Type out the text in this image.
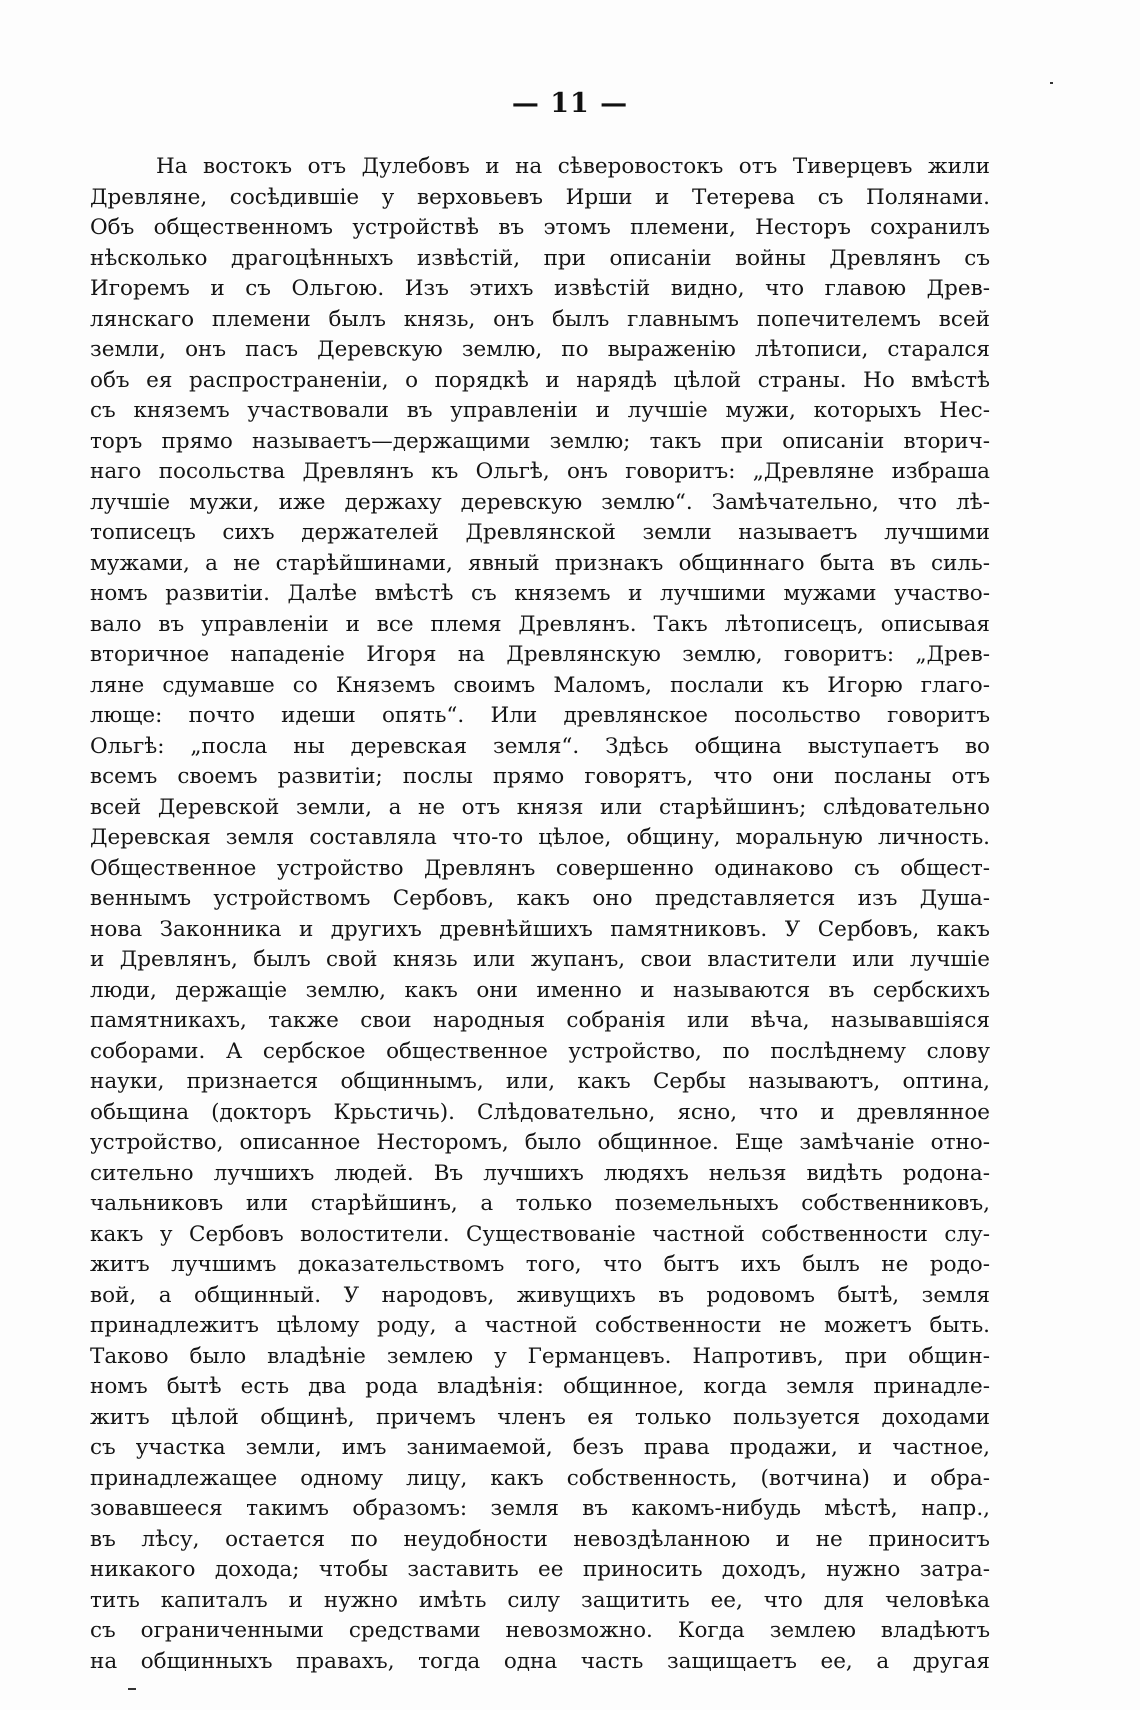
— 11 —
На востокъ отъ Дулебовъ и на сѣверовостокъ отъ Тиверцевъ жили
Древляне, сосѣдившіе у верховьевъ Ирши и Тетерева съ Полянами.
Объ общественномъ устройствѣ въ этомъ племени, Несторъ сохранилъ
нѣсколько драгоцѣнныхъ извѣстій, при описаніи войны Древлянъ съ
Игоремъ и съ Ольгою. Изъ этихъ извѣстій видно, что главою Древ-
лянскаго племени былъ князь, онъ былъ главнымъ попечителемъ всей
земли, онъ пасъ Деревскую землю, по выраженію лѣтописи, старался
объ ея распространеніи, о порядкѣ и нарядѣ цѣлой страны. Но вмѣстѣ
съ княземъ участвовали въ управленіи и лучшіе мужи, которыхъ Нес-
торъ прямо называетъ—держащими землю; такъ при описаніи вторич-
наго посольства Древлянъ къ Ольгѣ, онъ говоритъ: „Древляне избраша
лучшіе мужи, иже держаху деревскую землю“. Замѣчательно, что лѣ-
тописецъ сихъ держателей Древлянской земли называетъ лучшими
мужами, а не старѣйшинами, явный признакъ общиннаго быта въ силь-
номъ развитіи. Далѣе вмѣстѣ съ княземъ и лучшими мужами участво-
вало въ управленіи и все племя Древлянъ. Такъ лѣтописецъ, описывая
вторичное нападеніе Игоря на Древлянскую землю, говоритъ: „Древ-
ляне сдумавше со Княземъ своимъ Маломъ, послали къ Игорю глаго-
люще: почто идеши опять“. Или древлянское посольство говоритъ
Ольгѣ: „посла ны деревская земля“. Здѣсь община выступаетъ во
всемъ своемъ развитіи; послы прямо говорятъ, что они посланы отъ
всей Деревской земли, а не отъ князя или старѣйшинъ; слѣдовательно
Деревская земля составляла что-то цѣлое, общину, моральную личность.
Общественное устройство Древлянъ совершенно одинаково съ общест-
веннымъ устройствомъ Сербовъ, какъ оно представляется изъ Душа-
нова Законника и другихъ древнѣйшихъ памятниковъ. У Сербовъ, какъ
и Древлянъ, былъ свой князь или жупанъ, свои властители или лучшіе
люди, держащіе землю, какъ они именно и называются въ сербскихъ
памятникахъ, также свои народныя собранія или вѣча, называвшіяся
соборами. А сербское общественное устройство, по послѣднему слову
науки, признается общиннымъ, или, какъ Сербы называютъ, оптина,
обьщина (докторъ Крьстичь). Слѣдовательно, ясно, что и древлянное
устройство, описанное Несторомъ, было общинное. Еще замѣчаніе отно-
сительно лучшихъ людей. Въ лучшихъ людяхъ нельзя видѣть родона-
чальниковъ или старѣйшинъ, а только поземельныхъ собственниковъ,
какъ у Сербовъ волостители. Существованіе частной собственности слу-
житъ лучшимъ доказательствомъ того, что бытъ ихъ былъ не родо-
вой, а общинный. У народовъ, живущихъ въ родовомъ бытѣ, земля
принадлежитъ цѣлому роду, а частной собственности не можетъ быть.
Таково было владѣніе землею у Германцевъ. Напротивъ, при общин-
номъ бытѣ есть два рода владѣнія: общинное, когда земля принадле-
житъ цѣлой общинѣ, причемъ членъ ея только пользуется доходами
съ участка земли, имъ занимаемой, безъ права продажи, и частное,
принадлежащее одному лицу, какъ собственность, (вотчина) и обра-
зовавшееся такимъ образомъ: земля въ какомъ-нибудь мѣстѣ, напр.,
въ лѣсу, остается по неудобности невоздѣланною и не приноситъ
никакого дохода; чтобы заставить ее приносить доходъ, нужно затра-
тить капиталъ и нужно имѣть силу защитить ее, что для человѣка
съ ограниченными средствами невозможно. Когда землею владѣютъ
на общинныхъ правахъ, тогда одна часть защищаетъ ее, а другая
